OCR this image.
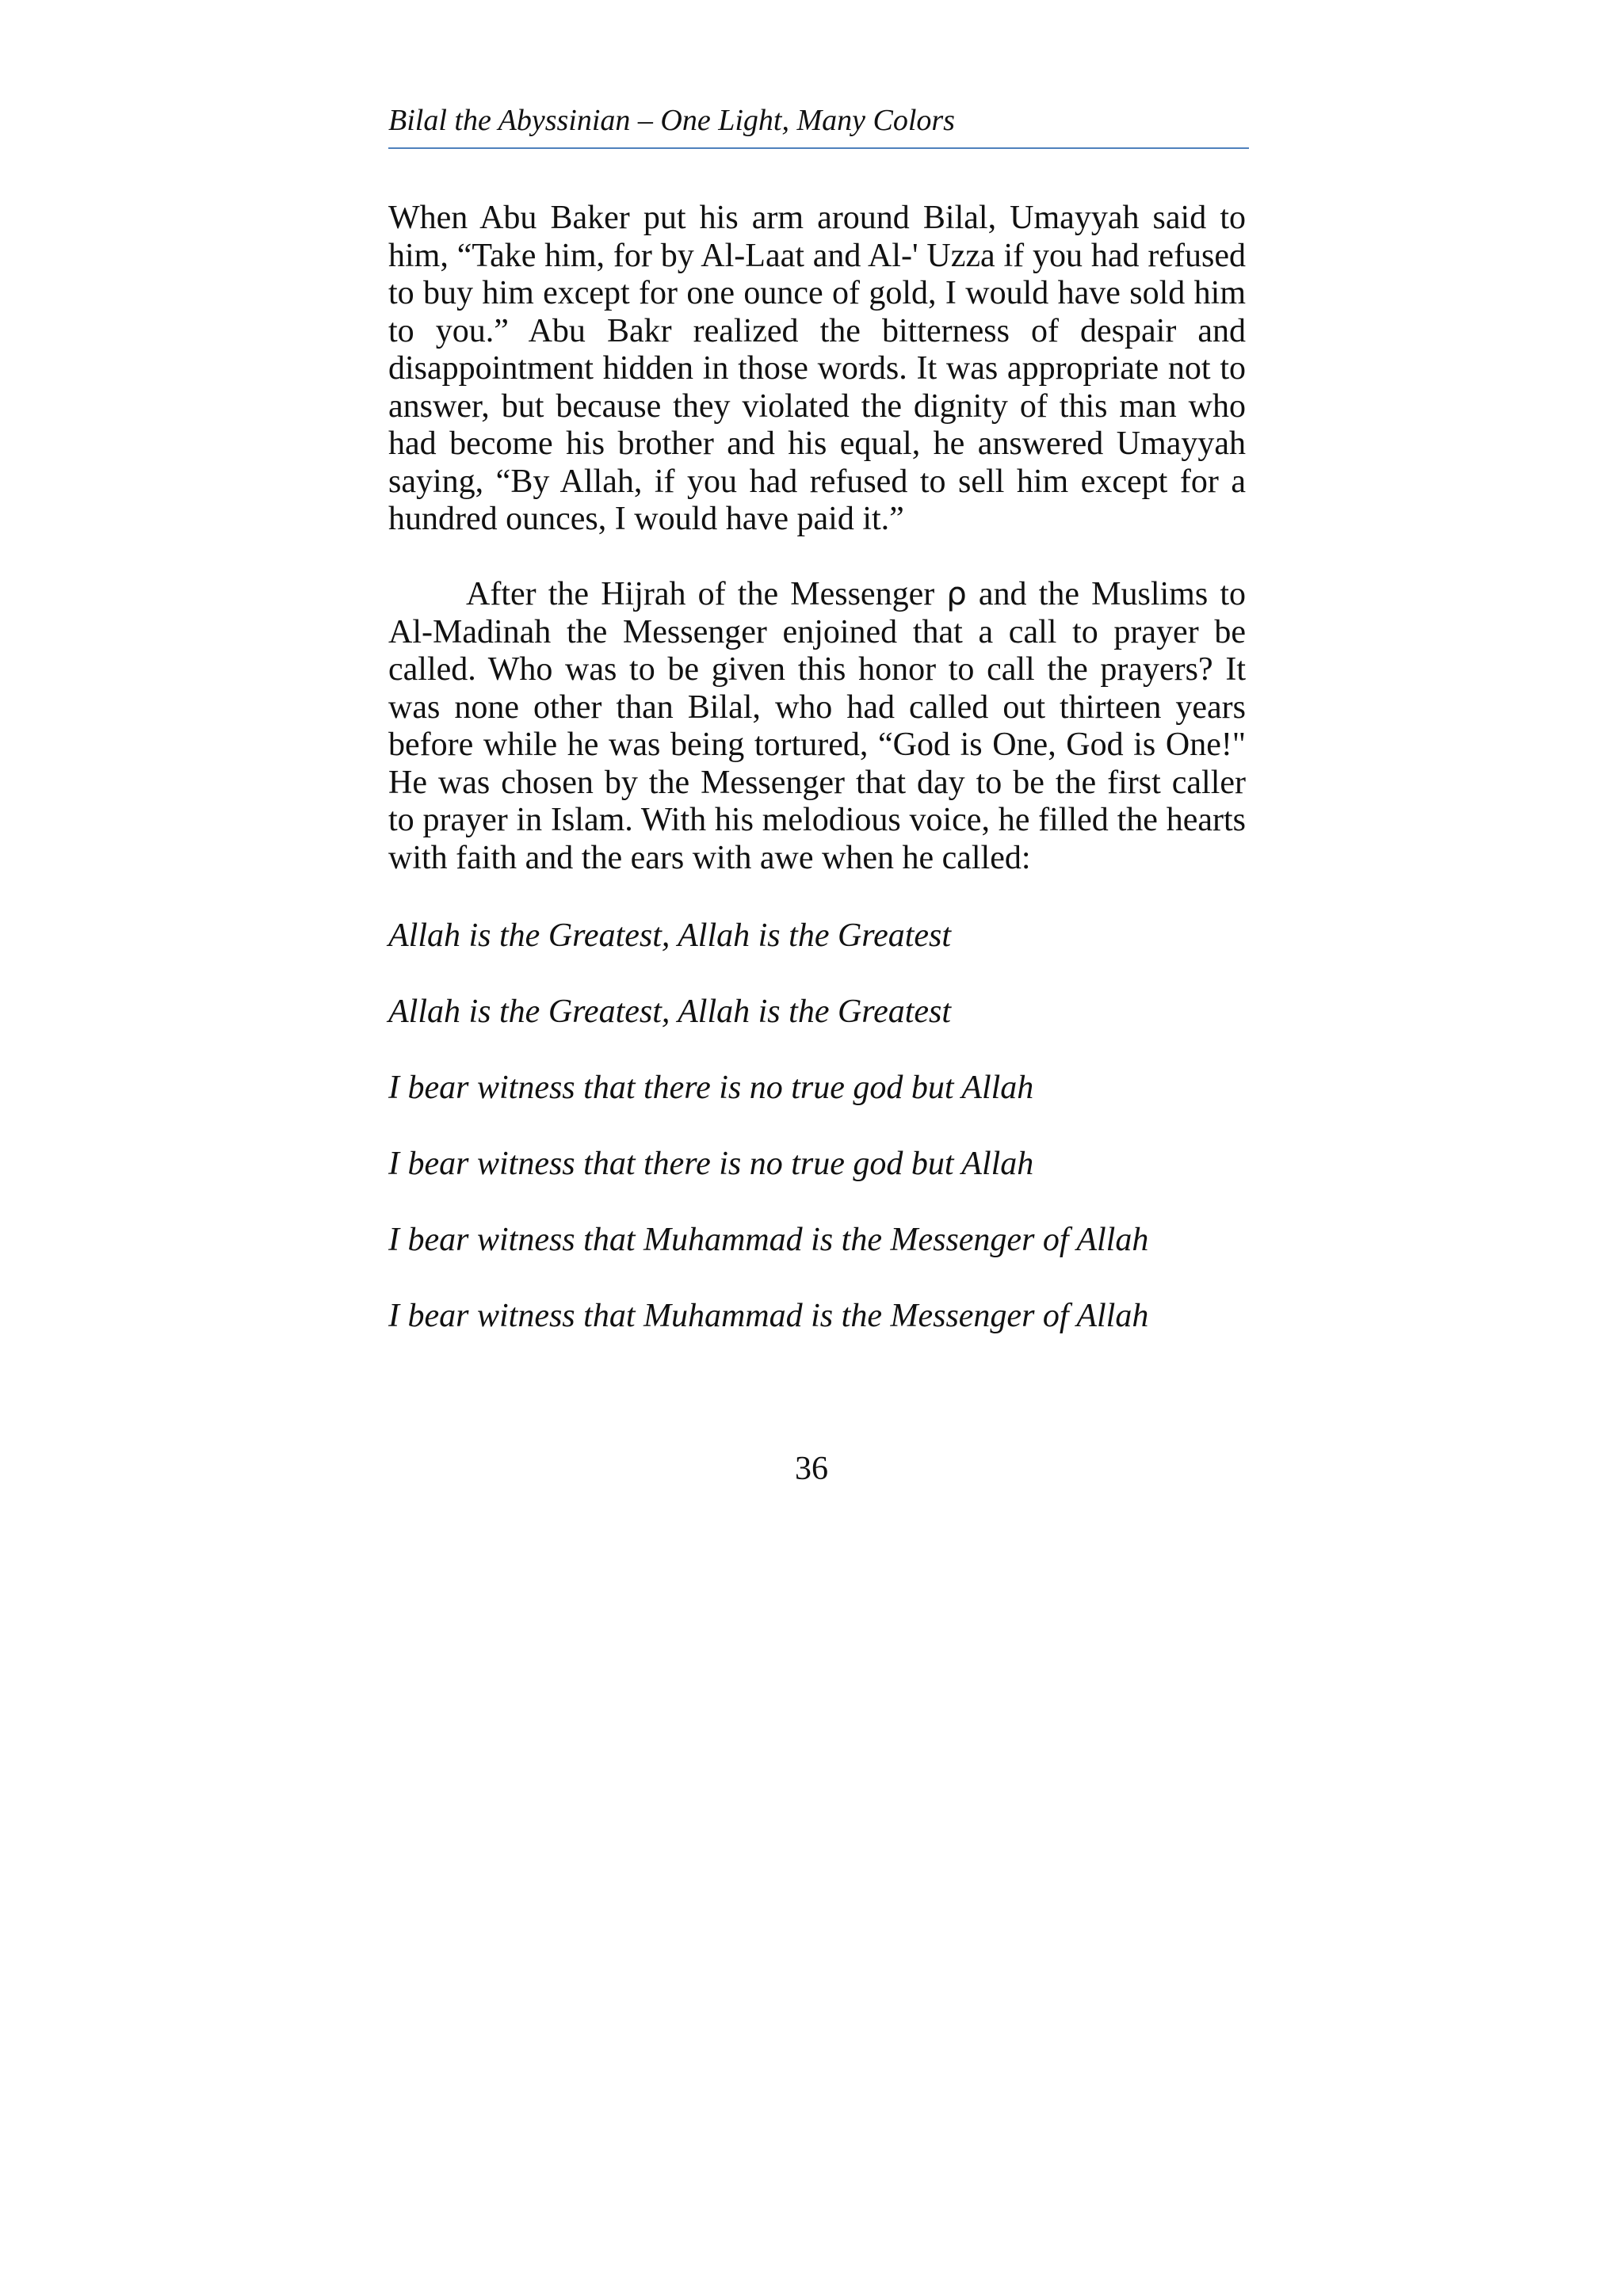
Bilal the Abyssinian – One Light, Many Colors

When Abu Baker put his arm around Bilal, Umayyah said to him, “Take him, for by Al-Laat and Al-' Uzza if you had refused to buy him except for one ounce of gold, I would have sold him to you.” Abu Bakr realized the bitterness of despair and disappointment hidden in those words. It was appropriate not to answer, but because they violated the dignity of this man who had become his brother and his equal, he answered Umayyah saying, “By Allah, if you had refused to sell him except for a hundred ounces, I would have paid it.”

After the Hijrah of the Messenger ρ and the Muslims to Al-Madinah the Messenger enjoined that a call to prayer be called. Who was to be given this honor to call the prayers? It was none other than Bilal, who had called out thirteen years before while he was being tortured, “God is One, God is One!" He was chosen by the Messenger that day to be the first caller to prayer in Islam. With his melodious voice, he filled the hearts with faith and the ears with awe when he called:

Allah is the Greatest, Allah is the Greatest

Allah is the Greatest, Allah is the Greatest

I bear witness that there is no true god but Allah

I bear witness that there is no true god but Allah

I bear witness that Muhammad is the Messenger of Allah

I bear witness that Muhammad is the Messenger of Allah

36
